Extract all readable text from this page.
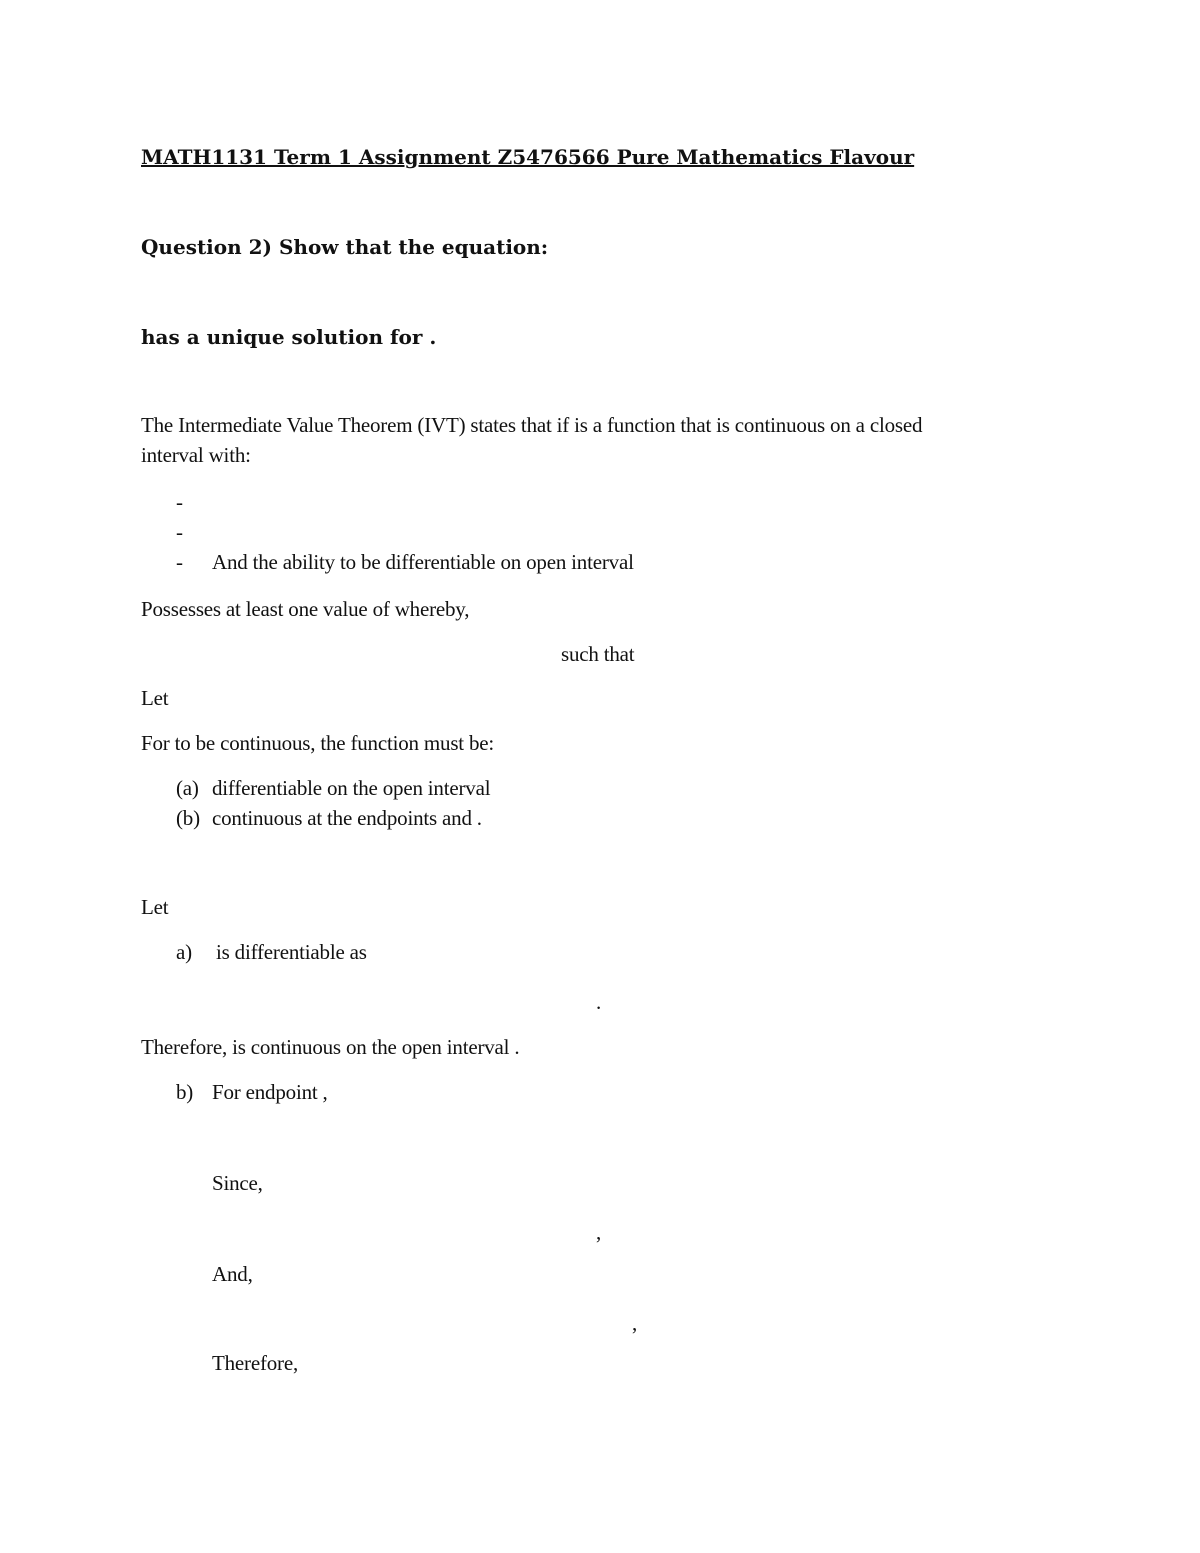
MATH1131 Term 1 Assignment Z5476566 Pure Mathematics Flavour
Question 2) Show that the equation:
has a unique solution for .
The Intermediate Value Theorem (IVT) states that if is a function that is continuous on a closed
interval with:
-
-
- And the ability to be differentiable on open interval
Possesses at least one value of whereby,
such that
Let
For to be continuous, the function must be:
(a) differentiable on the open interval
(b) continuous at the endpoints and .
Let
a) is differentiable as
.
Therefore, is continuous on the open interval .
b) For endpoint ,
Since,
,
And,
,
Therefore,
